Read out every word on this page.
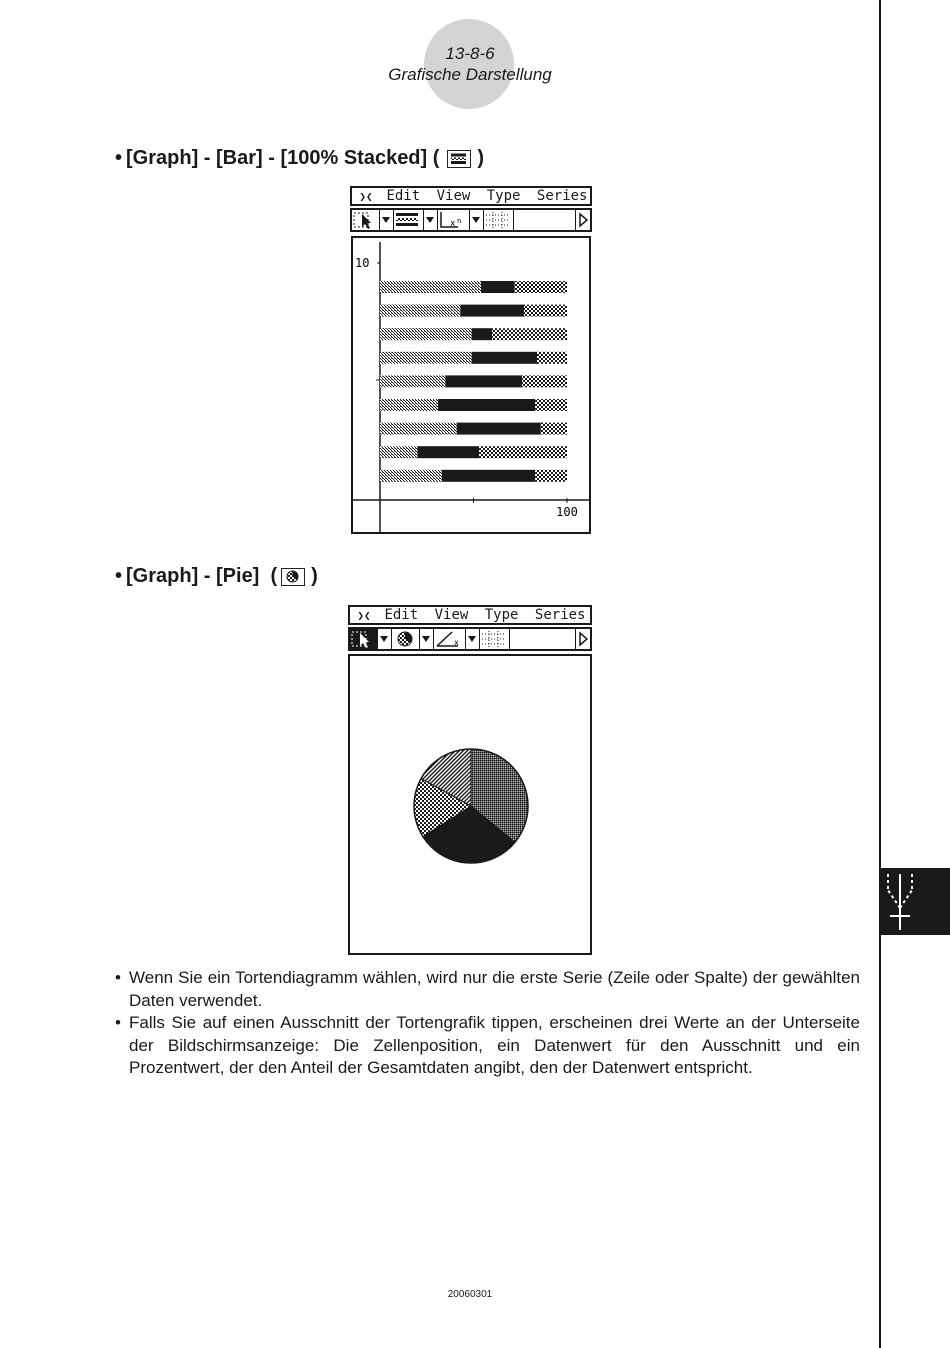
13-8-6
Grafische Darstellung
• [Graph] - [Bar] - [100% Stacked] ( )
❯❮ Edit View Type Series
x n
10
100
• [Graph] - [Pie]  ( )
❯❮ Edit View Type Series
x
• Wenn Sie ein Tortendiagramm wählen, wird nur die erste Serie (Zeile oder Spalte) der gewählten Daten verwendet.
• Falls Sie auf einen Ausschnitt der Tortengrafik tippen, erscheinen drei Werte an der Unterseite der Bildschirmsanzeige: Die Zellenposition, ein Datenwert für den Ausschnitt und ein Prozentwert, der den Anteil der Gesamtdaten angibt, den der Datenwert entspricht.
20060301
